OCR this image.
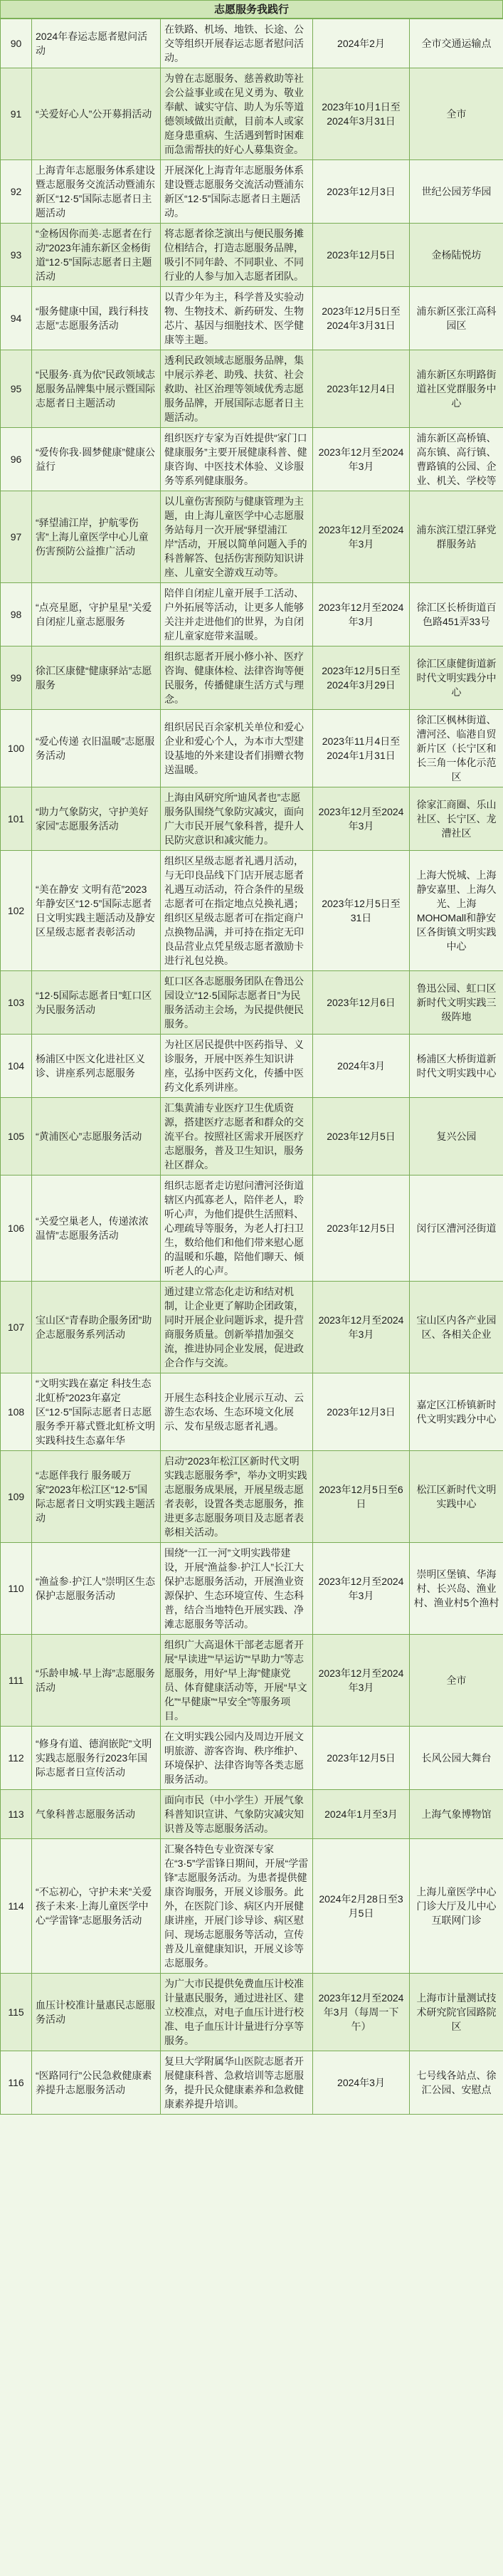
志愿服务我践行
90	2024年春运志愿者慰问活动	在铁路、机场、地铁、长途、公交等组织开展春运志愿者慰问活动。	2024年2月	全市交通运输点

91	“关爱好心人”公开募捐活动	为曾在志愿服务、慈善救助等社会公益事业或在见义勇为、敬业奉献、诚实守信、助人为乐等道德领域做出贡献，目前本人或家庭身患重病、生活遇到暂时困难而急需帮扶的好心人募集资金。	2023年10月1日至2024年3月31日	全市

92	上海青年志愿服务体系建设暨志愿服务交流活动暨浦东新区“12·5”国际志愿者日主题活动	开展深化上海青年志愿服务体系建设暨志愿服务交流活动暨浦东新区“12·5”国际志愿者日主题活动。	2023年12月3日	世纪公园芳华园

93	“金杨因你而美·志愿者在行动”2023年浦东新区金杨街道“12·5”国际志愿者日主题活动	将志愿者徐芝演出与便民服务摊位相结合，打造志愿服务品牌，吸引不同年龄、不同职业、不同行业的人参与加入志愿者团队。	2023年12月5日	金杨陆悦坊

94	“服务健康中国，践行科技志愿”志愿服务活动	以青少年为主，科学普及实验动物、生物技术、新药研发、生物芯片、基因与细胞技术、医学健康等主题。	2023年12月5日至2024年3月31日	浦东新区张江高科园区

95	“民服务·真为依”民政领域志愿服务品牌集中展示暨国际志愿者日主题活动	透利民政领域志愿服务品牌，集中展示养老、助残、扶贫、社会救助、社区治理等领域优秀志愿服务品牌，开展国际志愿者日主题活动。	2023年12月4日	浦东新区东明路街道社区党群服务中心

96	“爱传你我·圆梦健康”健康公益行	组织医疗专家为百姓提供“家门口健康服务”主要开展健康科普、健康咨询、中医技术体验、义诊服务等系列健康服务。	2023年12月至2024年3月	浦东新区高桥镇、高东镇、高行镇、曹路镇的公园、企业、机关、学校等

97	“驿望浦江岸，护航零伤害”上海儿童医学中心儿童伤害预防公益推广活动	以儿童伤害预防与健康管理为主题，由上海儿童医学中心志愿服务站每月一次开展“驿望浦江岸”活动，开展以简单问题入手的科普解答、包括伤害预防知识讲座、儿童安全游戏互动等。	2023年12月至2024年3月	浦东滨江望江驿党群服务站

98	“点亮星愿，守护星星”关爱自闭症儿童志愿服务	陪伴自闭症儿童开展手工活动、户外拓展等活动，让更多人能够关注并走进他们的世界，为自闭症儿童家庭带来温暖。	2023年12月至2024年3月	徐汇区长桥街道百色路451弄33号

99	徐汇区康健“健康驿站”志愿服务	组织志愿者开展小修小补、医疗咨询、健康体检、法律咨询等便民服务，传播健康生活方式与理念。	2023年12月5日至2024年3月29日	徐汇区康健街道新时代文明实践分中心

100	“爱心传递 衣旧温暖”志愿服务活动	组织居民百余家机关单位和爱心企业和爱心个人，为本市大型建设基地的外来建设者们捐赠衣物送温暖。	2023年11月4日至2024年1月31日	徐汇区枫林街道、漕河泾、临港自贸新片区（长宁区和长三角一体化示范区

101	“助力气象防灾，守护美好家园”志愿服务活动	上海由风研究所“迪风者也”志愿服务队围绕气象防灾减灾，面向广大市民开展气象科普，提升人民防灾意识和减灾能力。	2023年12月至2024年3月	徐家汇商圈、乐山社区、长宁区、龙漕社区

102	“美在静安 文明有范”2023年静安区“12·5”国际志愿者日文明实践主题活动及静安区星级志愿者表彰活动	组织区星级志愿者礼遇月活动，与无印良品线下门店开展志愿者礼遇互动活动，符合条件的星级志愿者可在指定地点兑换礼遇；组织区星级志愿者可在指定商户点换物品满，并可持在指定无印良品营业点凭星级志愿者激励卡进行礼包兑换。	2023年12月5日至31日	上海大悦城、上海静安嘉里、上海久光、上海MOHOMall和静安区各街镇文明实践中心

103	“12·5国际志愿者日”虹口区为民服务活动	虹口区各志愿服务团队在鲁迅公园设立“12·5国际志愿者日”为民服务活动主会场，为民提供便民服务。	2023年12月6日	鲁迅公园、虹口区新时代文明实践三级阵地

104	杨浦区中医文化进社区义诊、讲座系列志愿服务	为社区居民提供中医药指导、义诊服务，开展中医养生知识讲座，弘扬中医药文化，传播中医药文化系列讲座。	2024年3月	杨浦区大桥街道新时代文明实践中心

105	“黄浦医心”志愿服务活动	汇集黄浦专业医疗卫生优质资源，搭建医疗志愿者和群众的交流平台。按照社区需求开展医疗志愿服务，普及卫生知识，服务社区群众。	2023年12月5日	复兴公园

106	“关爱空巢老人，传递浓浓温情”志愿服务活动	组织志愿者走访慰问漕河泾街道辖区内孤寡老人，陪伴老人，聆听心声，为他们提供生活照料、心理疏导等服务，为老人打扫卫生，数给他们和他们带来慰心愿的温暖和乐趣，陪他们聊天、倾听老人的心声。	2023年12月5日	闵行区漕河泾街道

107	宝山区“青春助企服务团”助企志愿服务系列活动	通过建立常态化走访和结对机制，让企业更了解助企团政策，同时开展企业问题诉求，提升营商服务质量。创新举措加强交流，推进协同企业发展，促进政企合作与交流。	2023年12月至2024年3月	宝山区内各产业园区、各相关企业

108	“文明实践在嘉定 科技生态北虹桥”2023年嘉定区“12·5”国际志愿者日志愿服务季开幕式暨北虹桥文明实践科技生态嘉年华	开展生态科技企业展示互动、云游生态农场、生态环境文化展示、发布星级志愿者礼遇。	2023年12月3日	嘉定区江桥镇新时代文明实践分中心

109	“志愿伴我行 服务暖万家”2023年松江区“12·5”国际志愿者日文明实践主题活动	启动“2023年松江区新时代文明实践志愿服务季”，举办文明实践志愿服务成果展，开展星级志愿者表彰，设置各类志愿服务，推进更多志愿服务项目及志愿者表彰相关活动。	2023年12月5日至6日	松江区新时代文明实践中心

110	“渔益参·护江人”崇明区生态保护志愿服务活动	围绕“一江一河”文明实践带建设，开展“渔益参·护江人”长江大保护志愿服务活动，开展渔业资源保护、生态环境宣传、生态科普，结合当地特色开展实践、净滩志愿服务等活动。	2023年12月至2024年3月	崇明区堡镇、华海村、长兴岛、渔业村、渔业村5个渔村

111	“乐龄申城·早上海”志愿服务活动	组织广大高退休干部老志愿者开展“早读进”“早运访”“早助力”等志愿服务，用好“早上海”健康党员、体育健康活动等，开展“早文化”“早健康”“早安全”等服务项目。	2023年12月至2024年3月	全市

112	“修身有道、德润嵌陀”文明实践志愿服务行2023年国际志愿者日宣传活动	在文明实践公园内及周边开展文明旅游、游客咨询、秩序维护、环境保护、法律咨询等各类志愿服务活动。	2023年12月5日	长风公园大舞台

113	气象科普志愿服务活动	面向市民（中小学生）开展气象科普知识宣讲、气象防灾减灾知识普及等志愿服务活动。	2024年1月至3月	上海气象博物馆

114	“不忘初心，守护未来”关爱孩子未来·上海儿童医学中心“学雷锋”志愿服务活动	汇聚各特色专业资深专家在“3·5”学雷锋日期间，开展“学雷锋”志愿服务活动。为患者提供健康咨询服务，开展义诊服务。此外，在医院门诊、病区内开展健康讲座，开展门诊导诊、病区慰问、现场志愿服务等活动，宣传普及儿童健康知识，开展义诊等志愿服务。	2024年2月28日至3月5日	上海儿童医学中心门诊大厅及儿中心互联网门诊

115	血压计校准计量惠民志愿服务活动	为广大市民提供免费血压计校准计量惠民服务，通过进社区、建立校准点，对电子血压计进行校准、电子血压计计量进行分享等服务。	2023年12月至2024年3月（每周一下午）	上海市计量测试技术研究院官园路院区

116	“医路同行”公民急救健康素养提升志愿服务活动	复旦大学附属华山医院志愿者开展健康科普、急救培训等志愿服务，提升民众健康素养和急救健康素养提升培训。	2024年3月	七号线各站点、徐汇公园、安慰点
